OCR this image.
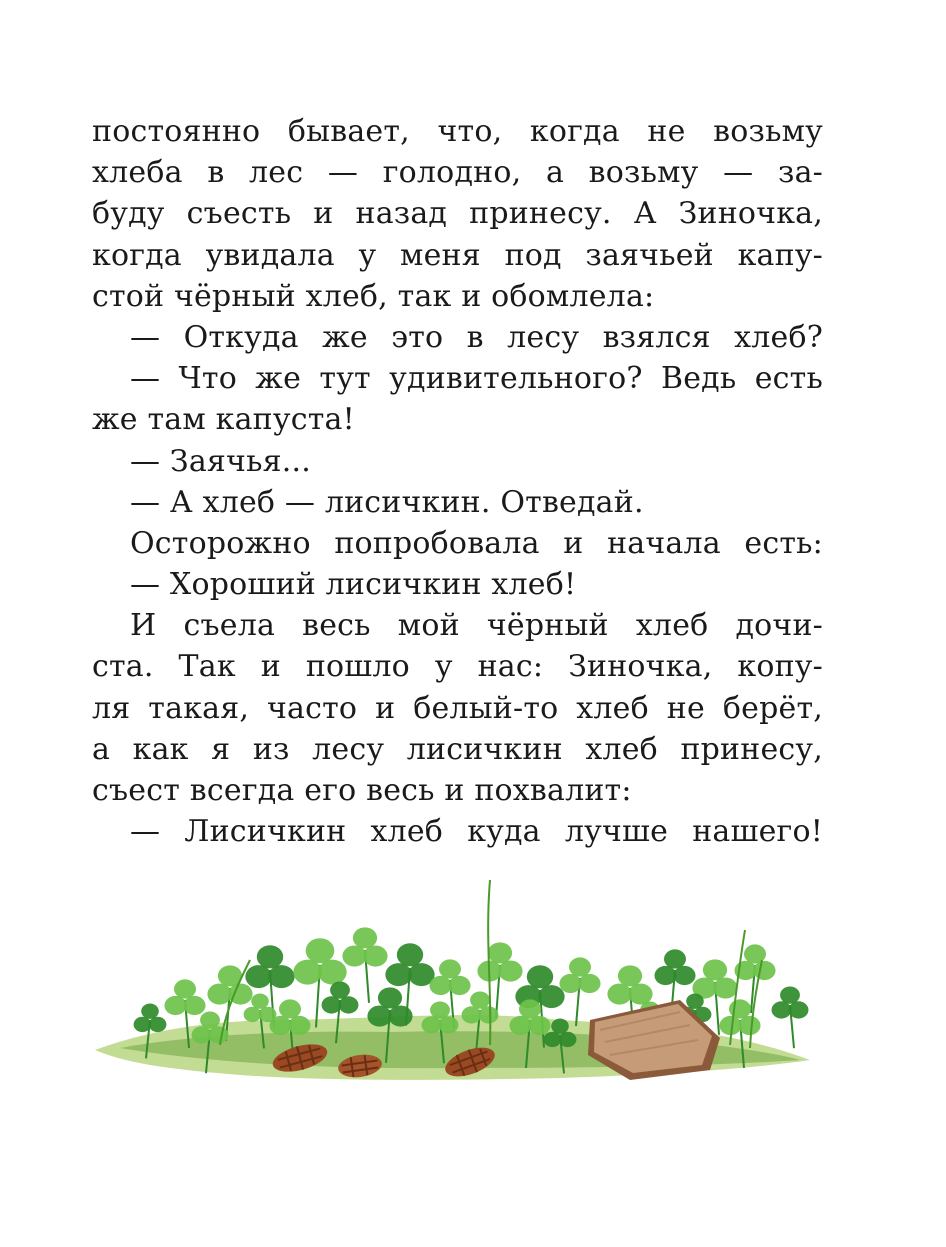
постоянно бывает, что, когда не возьму
хлеба в лес — голодно, а возьму — за-
буду съесть и назад принесу. А Зиночка,
когда увидала у меня под заячьей капу-
стой чёрный хлеб, так и обомлела:
— Откуда же это в лесу взялся хлеб?
— Что же тут удивительного? Ведь есть
же там капуста!
— Заячья...
— А хлеб — лисичкин. Отведай.
Осторожно попробовала и начала есть:
— Хороший лисичкин хлеб!
И съела весь мой чёрный хлеб дочи-
ста. Так и пошло у нас: Зиночка, копу-
ля такая, часто и белый-то хлеб не берёт,
а как я из лесу лисичкин хлеб принесу,
съест всегда его весь и похвалит:
— Лисичкин хлеб куда лучше нашего!
